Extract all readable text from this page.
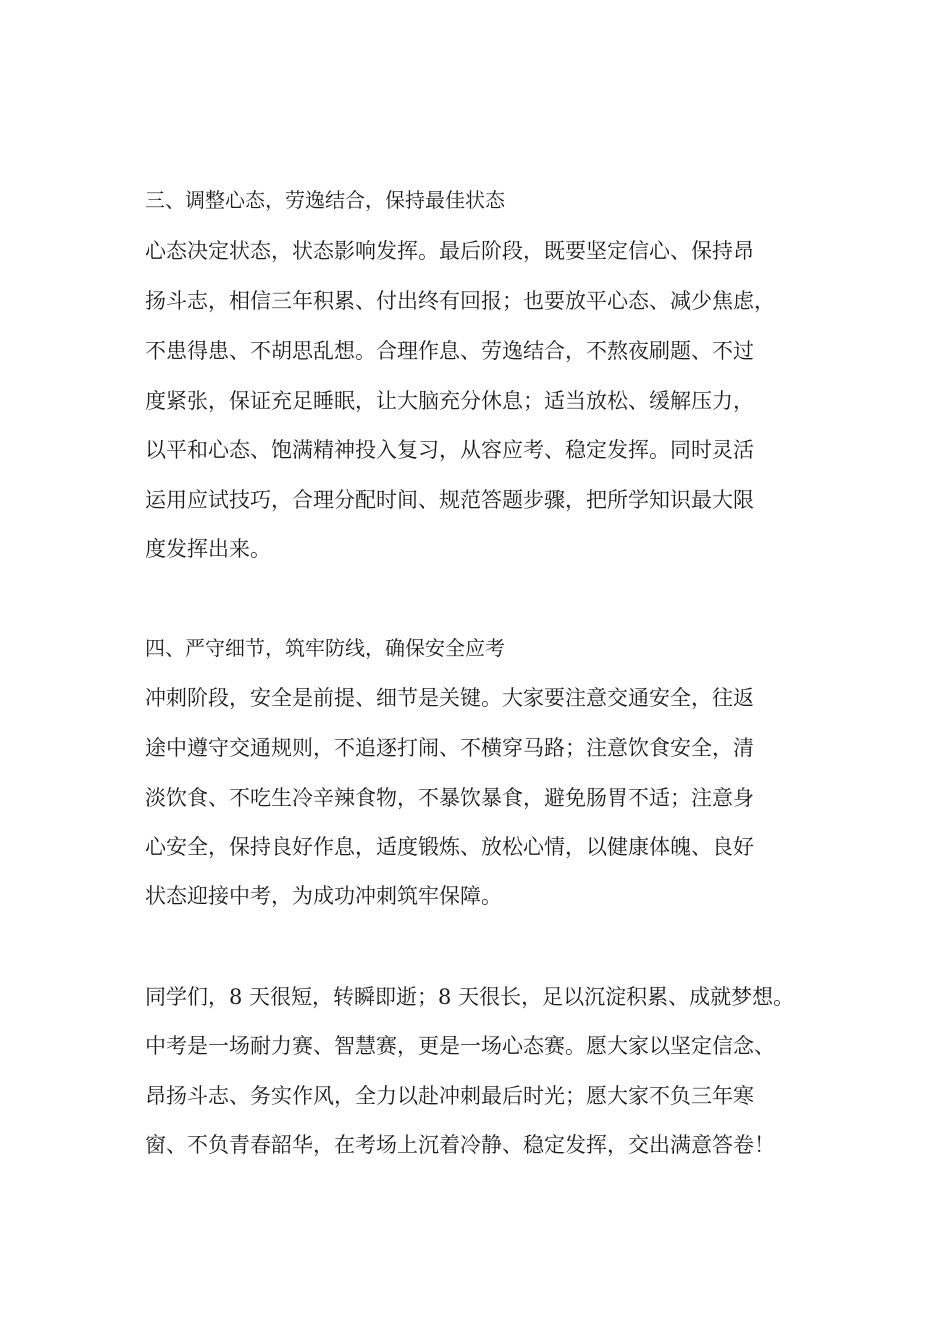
三、调整心态，劳逸结合，保持最佳状态
心态决定状态，状态影响发挥。最后阶段，既要坚定信心、保持昂
扬斗志，相信三年积累、付出终有回报；也要放平心态、减少焦虑，
不患得患、不胡思乱想。合理作息、劳逸结合，不熬夜刷题、不过
度紧张，保证充足睡眠，让大脑充分休息；适当放松、缓解压力，
以平和心态、饱满精神投入复习，从容应考、稳定发挥。同时灵活
运用应试技巧，合理分配时间、规范答题步骤，把所学知识最大限
度发挥出来。
四、严守细节，筑牢防线，确保安全应考
冲刺阶段，安全是前提、细节是关键。大家要注意交通安全，往返
途中遵守交通规则，不追逐打闹、不横穿马路；注意饮食安全，清
淡饮食、不吃生冷辛辣食物，不暴饮暴食，避免肠胃不适；注意身
心安全，保持良好作息，适度锻炼、放松心情，以健康体魄、良好
状态迎接中考，为成功冲刺筑牢保障。
同学们，8 天很短，转瞬即逝；8 天很长，足以沉淀积累、成就梦想。
中考是一场耐力赛、智慧赛，更是一场心态赛。愿大家以坚定信念、
昂扬斗志、务实作风，全力以赴冲刺最后时光；愿大家不负三年寒
窗、不负青春韶华，在考场上沉着冷静、稳定发挥，交出满意答卷！
